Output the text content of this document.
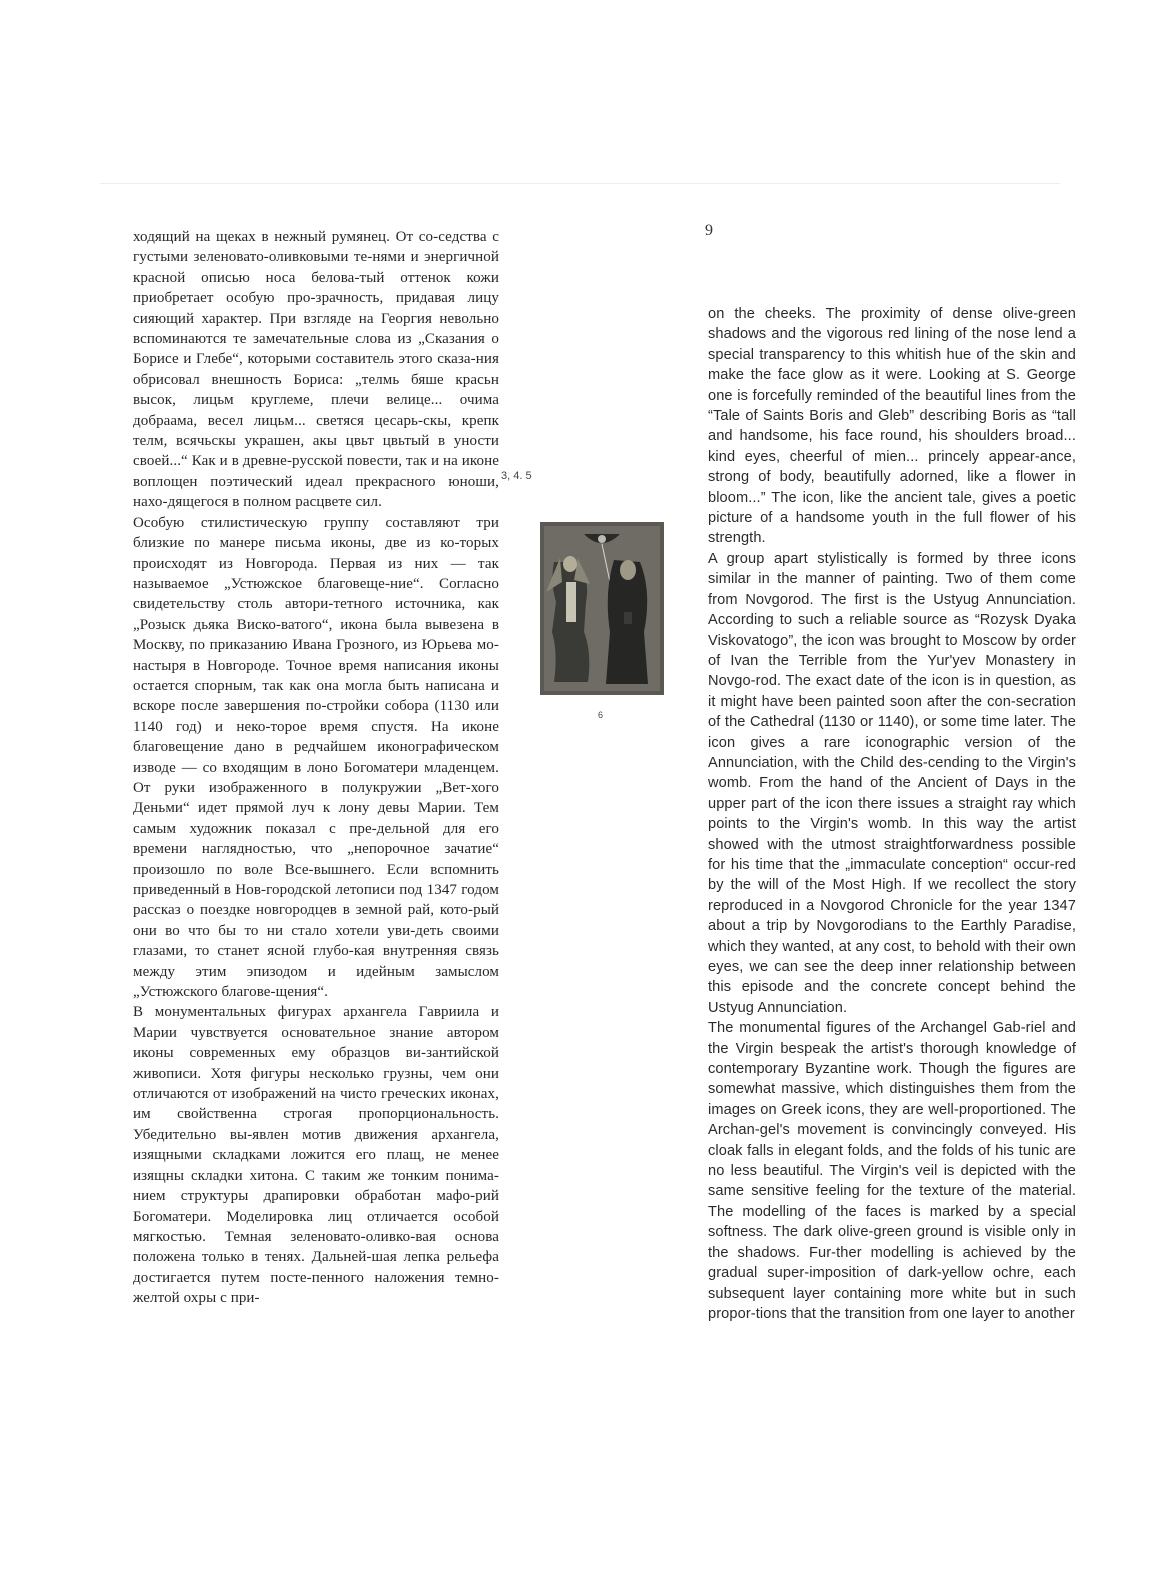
9

ходящий на щеках в нежный румянец. От со-седства с густыми зеленовато-оливковыми те-нями и энергичной красной описью носа белова-тый оттенок кожи приобретает особую про-зрачность, придавая лицу сияющий характер. При взгляде на Георгия невольно вспоминаются те замечательные слова из „Сказания о Борисе и Глебе“, которыми составитель этого сказа-ния обрисовал внешность Бориса: „телмь бяше красьн высок, лицьм круглеме, плечи велице... очима добраама, весел лицьм... светяся цесарь-скы, крепк телм, всячьскы украшен, акы цвьт цвьтый в уности своей...“ Как и в древне-русской повести, так и на иконе воплощен поэтический идеал прекрасного юноши, нахо-дящегося в полном расцвете сил.

Особую стилистическую группу составляют три близкие по манере письма иконы, две из ко-торых происходят из Новгорода. Первая из них — так называемое „Устюжское благовеще-ние“. Согласно свидетельству столь автори-тетного источника, как „Розыск дьяка Виско-ватого“, икона была вывезена в Москву, по приказанию Ивана Грозного, из Юрьева мо-настыря в Новгороде. Точное время написания иконы остается спорным, так как она могла быть написана и вскоре после завершения по-стройки собора (1130 или 1140 год) и неко-торое время спустя. На иконе благовещение дано в редчайшем иконографическом изводе — со входящим в лоно Богоматери младенцем. От руки изображенного в полукружии „Вет-хого Деньми“ идет прямой луч к лону девы Марии. Тем самым художник показал с пре-дельной для его времени наглядностью, что „непорочное зачатие“ произошло по воле Все-вышнего. Если вспомнить приведенный в Нов-городской летописи под 1347 годом рассказ о поездке новгородцев в земной рай, кото-рый они во что бы то ни стало хотели уви-деть своими глазами, то станет ясной глубо-кая внутренняя связь между этим эпизодом и идейным замыслом „Устюжского благове-щения“.

В монументальных фигурах архангела Гавриила и Марии чувствуется основательное знание автором иконы современных ему образцов ви-зантийской живописи. Хотя фигуры несколько грузны, чем они отличаются от изображений на чисто греческих иконах, им свойственна строгая пропорциональность. Убедительно вы-явлен мотив движения архангела, изящными складками ложится его плащ, не менее изящны складки хитона. С таким же тонким понима-нием структуры драпировки обработан мафо-рий Богоматери. Моделировка лиц отличается особой мягкостью. Темная зеленовато-оливко-вая основа положена только в тенях. Дальней-шая лепка рельефа достигается путем посте-пенного наложения темно-желтой охры с при-

3, 4. 5
6

on the cheeks. The proximity of dense olive-green shadows and the vigorous red lining of the nose lend a special transparency to this whitish hue of the skin and make the face glow as it were. Looking at S. George one is forcefully reminded of the beautiful lines from the “Tale of Saints Boris and Gleb” describing Boris as “tall and handsome, his face round, his shoulders broad... kind eyes, cheerful of mien... princely appear-ance, strong of body, beautifully adorned, like a flower in bloom...” The icon, like the ancient tale, gives a poetic picture of a handsome youth in the full flower of his strength.

A group apart stylistically is formed by three icons similar in the manner of painting. Two of them come from Novgorod. The first is the Ustyug Annunciation. According to such a reliable source as “Rozysk Dyaka Viskovatogo”, the icon was brought to Moscow by order of Ivan the Terrible from the Yur'yev Monastery in Novgo-rod. The exact date of the icon is in question, as it might have been painted soon after the con-secration of the Cathedral (1130 or 1140), or some time later. The icon gives a rare iconographic version of the Annunciation, with the Child des-cending to the Virgin's womb. From the hand of the Ancient of Days in the upper part of the icon there issues a straight ray which points to the Virgin's womb. In this way the artist showed with the utmost straightforwardness possible for his time that the „immaculate conception“ occur-red by the will of the Most High. If we recollect the story reproduced in a Novgorod Chronicle for the year 1347 about a trip by Novgorodians to the Earthly Paradise, which they wanted, at any cost, to behold with their own eyes, we can see the deep inner relationship between this episode and the concrete concept behind the Ustyug Annunciation.

The monumental figures of the Archangel Gab-riel and the Virgin bespeak the artist's thorough knowledge of contemporary Byzantine work. Though the figures are somewhat massive, which distinguishes them from the images on Greek icons, they are well-proportioned. The Archan-gel's movement is convincingly conveyed. His cloak falls in elegant folds, and the folds of his tunic are no less beautiful. The Virgin's veil is depicted with the same sensitive feeling for the texture of the material. The modelling of the faces is marked by a special softness. The dark olive-green ground is visible only in the shadows. Fur-ther modelling is achieved by the gradual super-imposition of dark-yellow ochre, each subsequent layer containing more white but in such propor-tions that the transition from one layer to another
